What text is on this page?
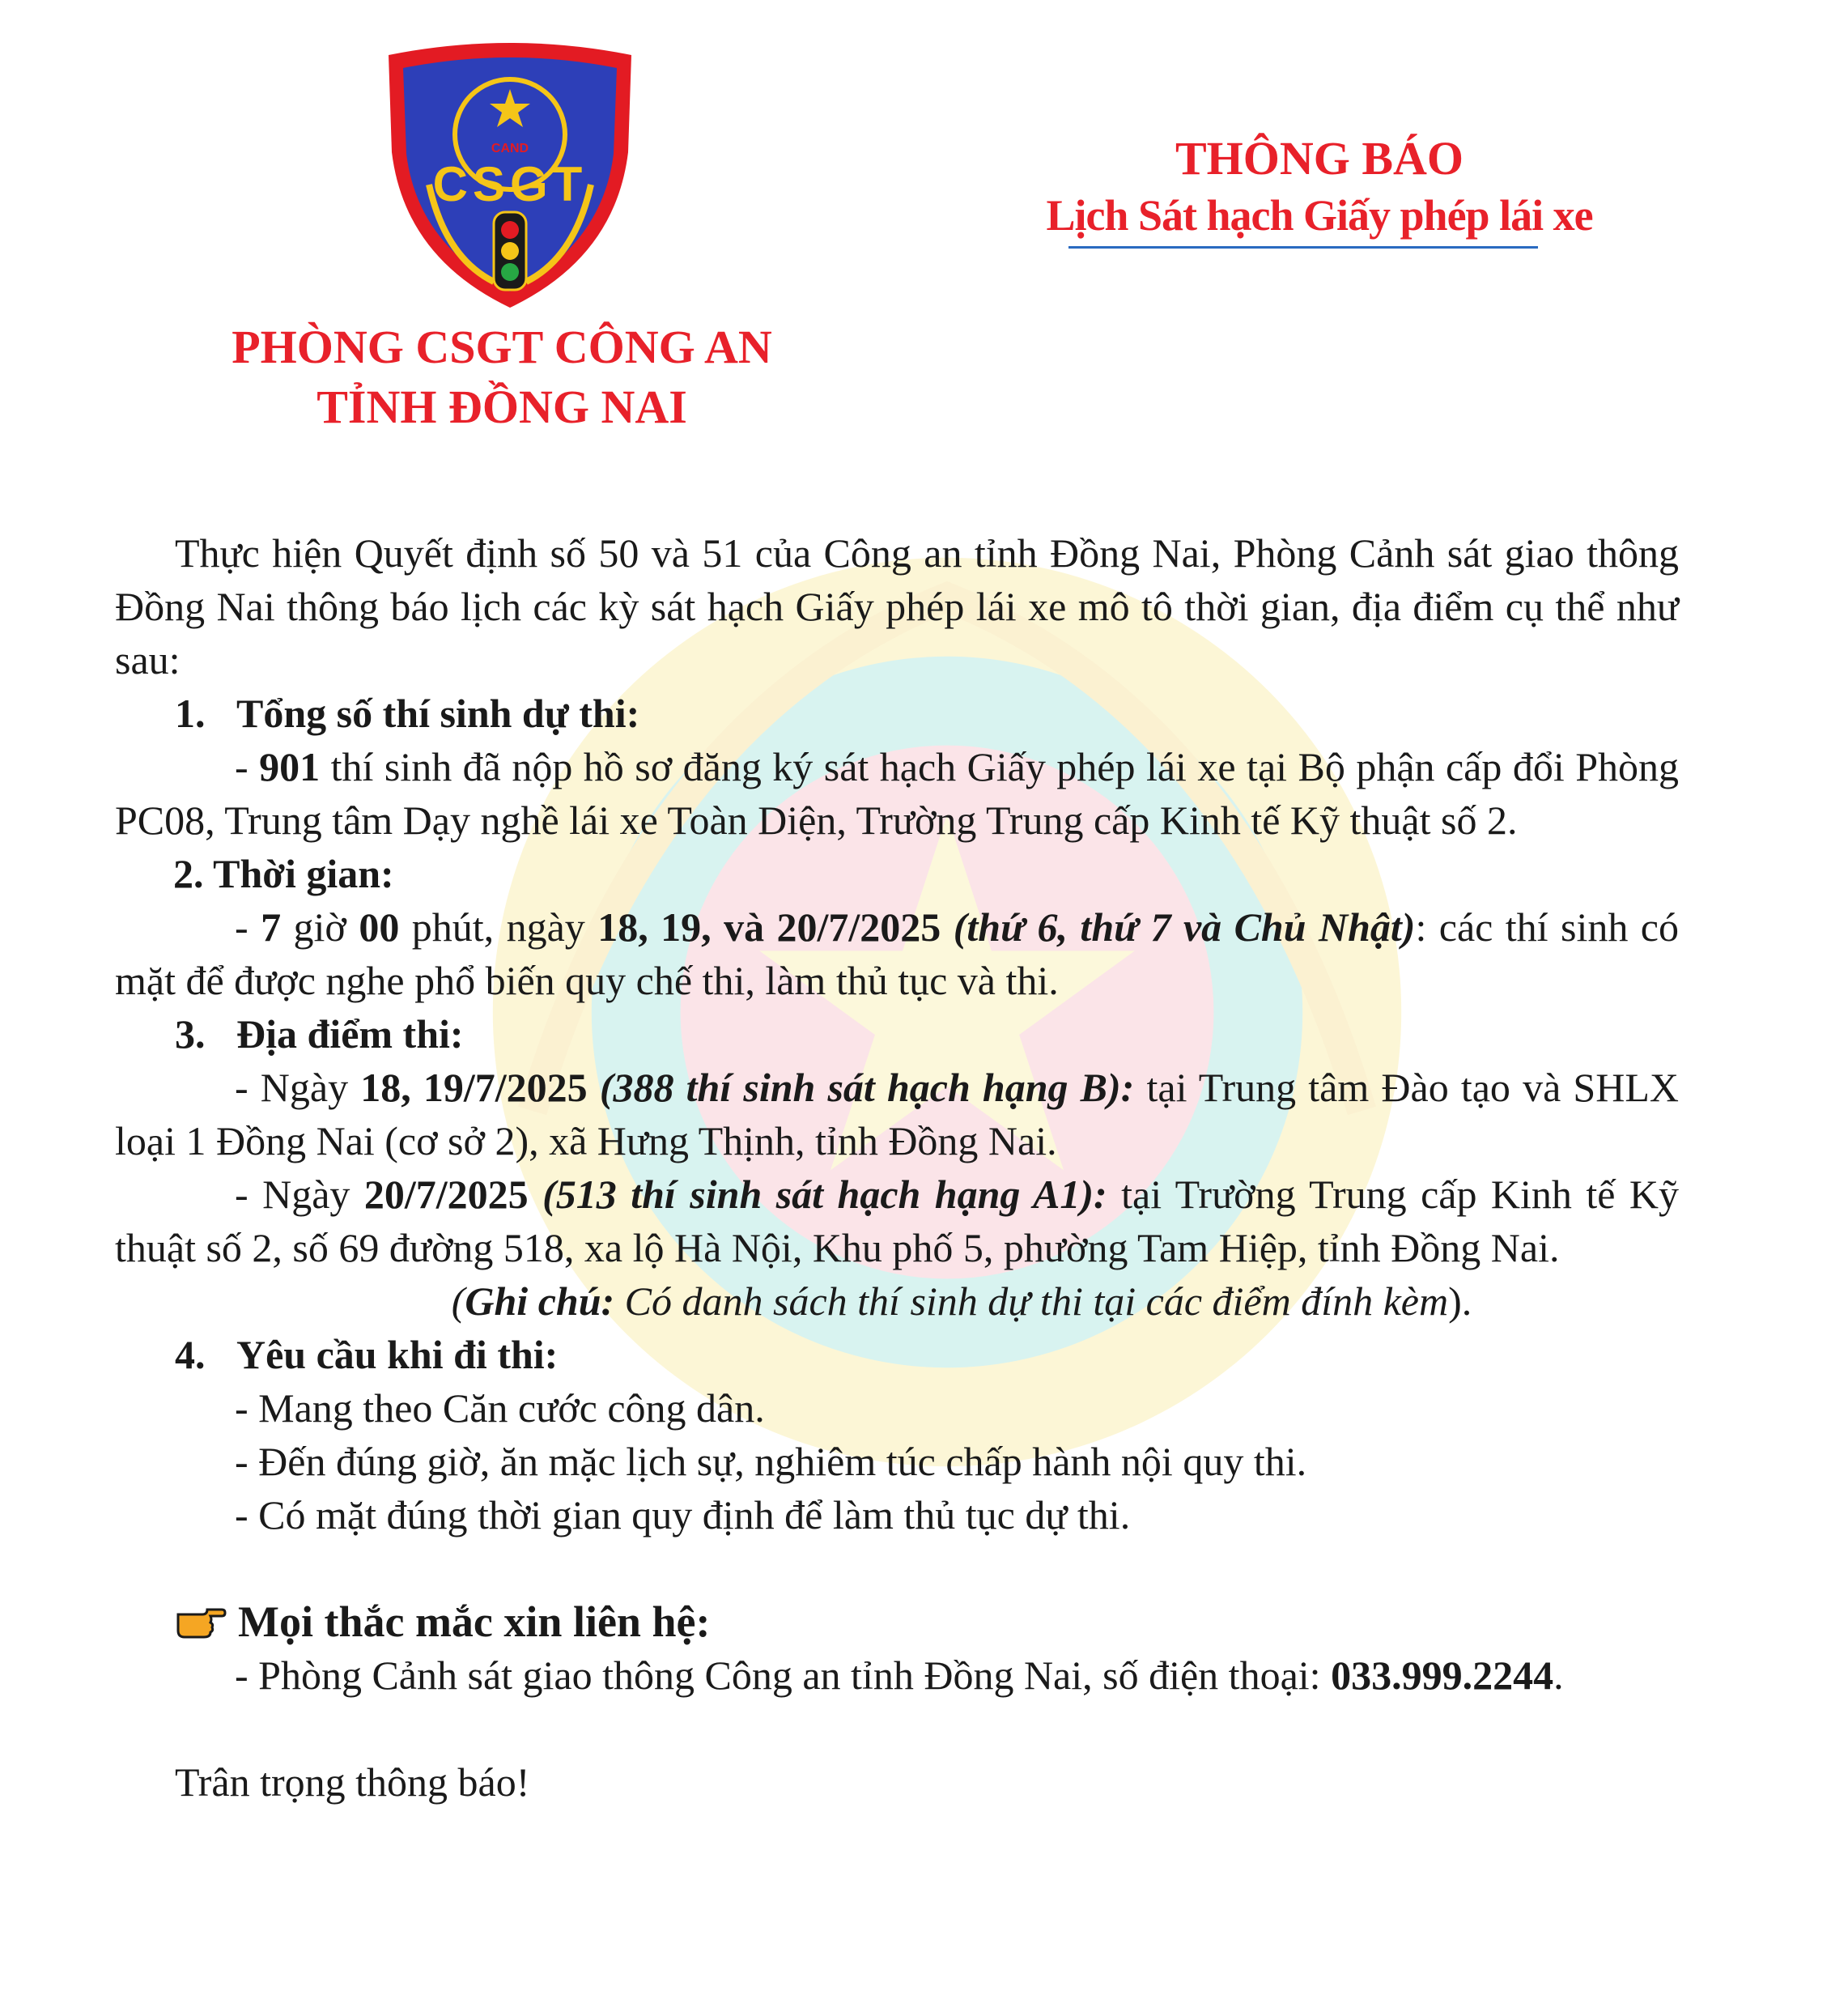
CAND
CSGT
PHÒNG CSGT CÔNG AN
TỈNH ĐỒNG NAI
THÔNG BÁO
Lịch Sát hạch Giấy phép lái xe

Thực hiện Quyết định số 50 và 51 của Công an tỉnh Đồng Nai, Phòng Cảnh sát giao thông Đồng Nai thông báo lịch các kỳ sát hạch Giấy phép lái xe mô tô thời gian, địa điểm cụ thể như sau:

1. Tổng số thí sinh dự thi:

- 901 thí sinh đã nộp hồ sơ đăng ký sát hạch Giấy phép lái xe tại Bộ phận cấp đổi Phòng PC08, Trung tâm Dạy nghề lái xe Toàn Diện, Trường Trung cấp Kinh tế Kỹ thuật số 2.

2. Thời gian:

- 7 giờ 00 phút, ngày 18, 19, và 20/7/2025 (thứ 6, thứ 7 và Chủ Nhật): các thí sinh có mặt để được nghe phổ biến quy chế thi, làm thủ tục và thi.

3. Địa điểm thi:

- Ngày 18, 19/7/2025 (388 thí sinh sát hạch hạng B): tại Trung tâm Đào tạo và SHLX loại 1 Đồng Nai (cơ sở 2), xã Hưng Thịnh, tỉnh Đồng Nai.

- Ngày 20/7/2025 (513 thí sinh sát hạch hạng A1): tại Trường Trung cấp Kinh tế Kỹ thuật số 2, số 69 đường 518, xa lộ Hà Nội, Khu phố 5, phường Tam Hiệp, tỉnh Đồng Nai.

(Ghi chú: Có danh sách thí sinh dự thi tại các điểm đính kèm).

4. Yêu cầu khi đi thi:

- Mang theo Căn cước công dân.

- Đến đúng giờ, ăn mặc lịch sự, nghiêm túc chấp hành nội quy thi.

- Có mặt đúng thời gian quy định để làm thủ tục dự thi.

Mọi thắc mắc xin liên hệ:

- Phòng Cảnh sát giao thông Công an tỉnh Đồng Nai, số điện thoại: 033.999.2244.

Trân trọng thông báo!
